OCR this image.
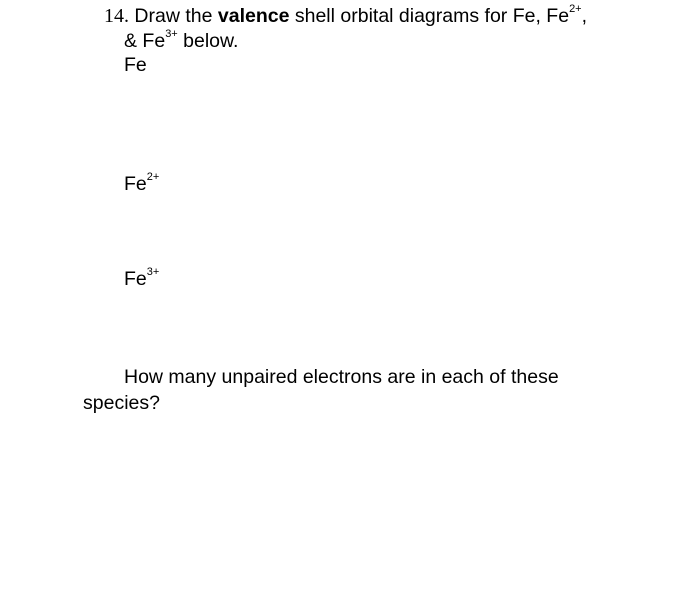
14. Draw the valence shell orbital diagrams for Fe, $Fe^{2+}$,
& $Fe^{3+}$ below.
Fe
$Fe^{2+}$
$Fe^{3+}$
How many unpaired electrons are in each of these
species?
